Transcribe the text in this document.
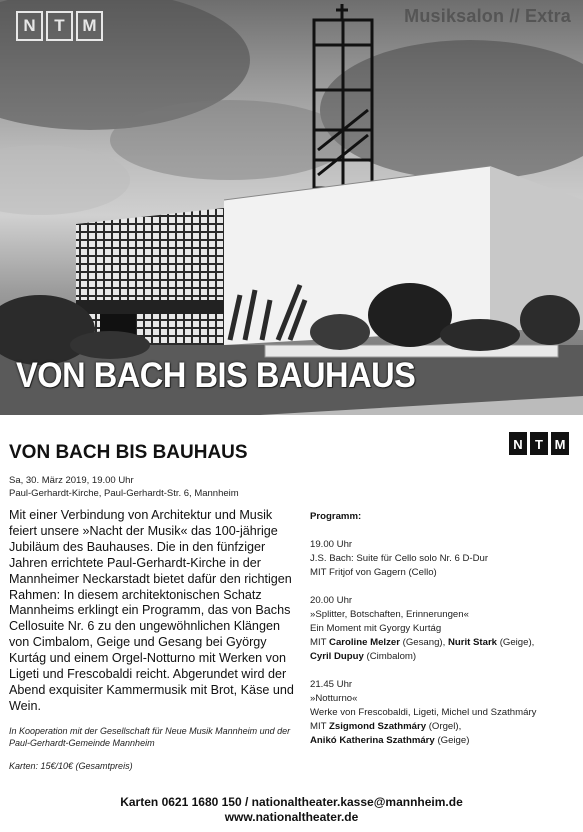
N	T	M	Musiksalon // Extra
VON BACH BIS BAUHAUS
VON BACH BIS BAUHAUS	N T M
Sa, 30. März 2019, 19.00 Uhr
Paul-Gerhardt-Kirche, Paul-Gerhardt-Str. 6, Mannheim

Mit einer Verbindung von Architektur und Musik feiert unsere »Nacht der Musik« das 100-jährige Jubiläum des Bauhauses. Die in den fünfziger Jahren errichtete Paul-Gerhardt-Kirche in der Mannheimer Neckarstadt bietet dafür den richtigen Rahmen: In diesem architektonischen Schatz Mannheims erklingt ein Programm, das von Bachs Cellosuite Nr. 6 zu den ungewöhnlichen Klängen von Cimbalom, Geige und Gesang bei György Kurtág und einem Orgel-Notturno mit Werken von Ligeti und Frescobaldi reicht. Abgerundet wird der Abend exquisiter Kammermusik mit Brot, Käse und Wein.

In Kooperation mit der Gesellschaft für Neue Musik Mannheim und der Paul-Gerhardt-Gemeinde Mannheim

Karten: 15€/10€ (Gesamtpreis)
Programm:
19.00 Uhr
J.S. Bach: Suite für Cello solo Nr. 6 D-Dur
MIT Fritjof von Gagern (Cello)
20.00 Uhr
»Splitter, Botschaften, Erinnerungen«
Ein Moment mit Gyorgy Kurtág
MIT Caroline Melzer (Gesang), Nurit Stark (Geige),
Cyril Dupuy (Cimbalom)
21.45 Uhr
»Notturno«
Werke von Frescobaldi, Ligeti, Michel und Szathmáry
MIT Zsigmond Szathmáry (Orgel),
Anikó Katherina Szathmáry (Geige)
Karten 0621 1680 150 / nationaltheater.kasse@mannheim.de
www.nationaltheater.de
